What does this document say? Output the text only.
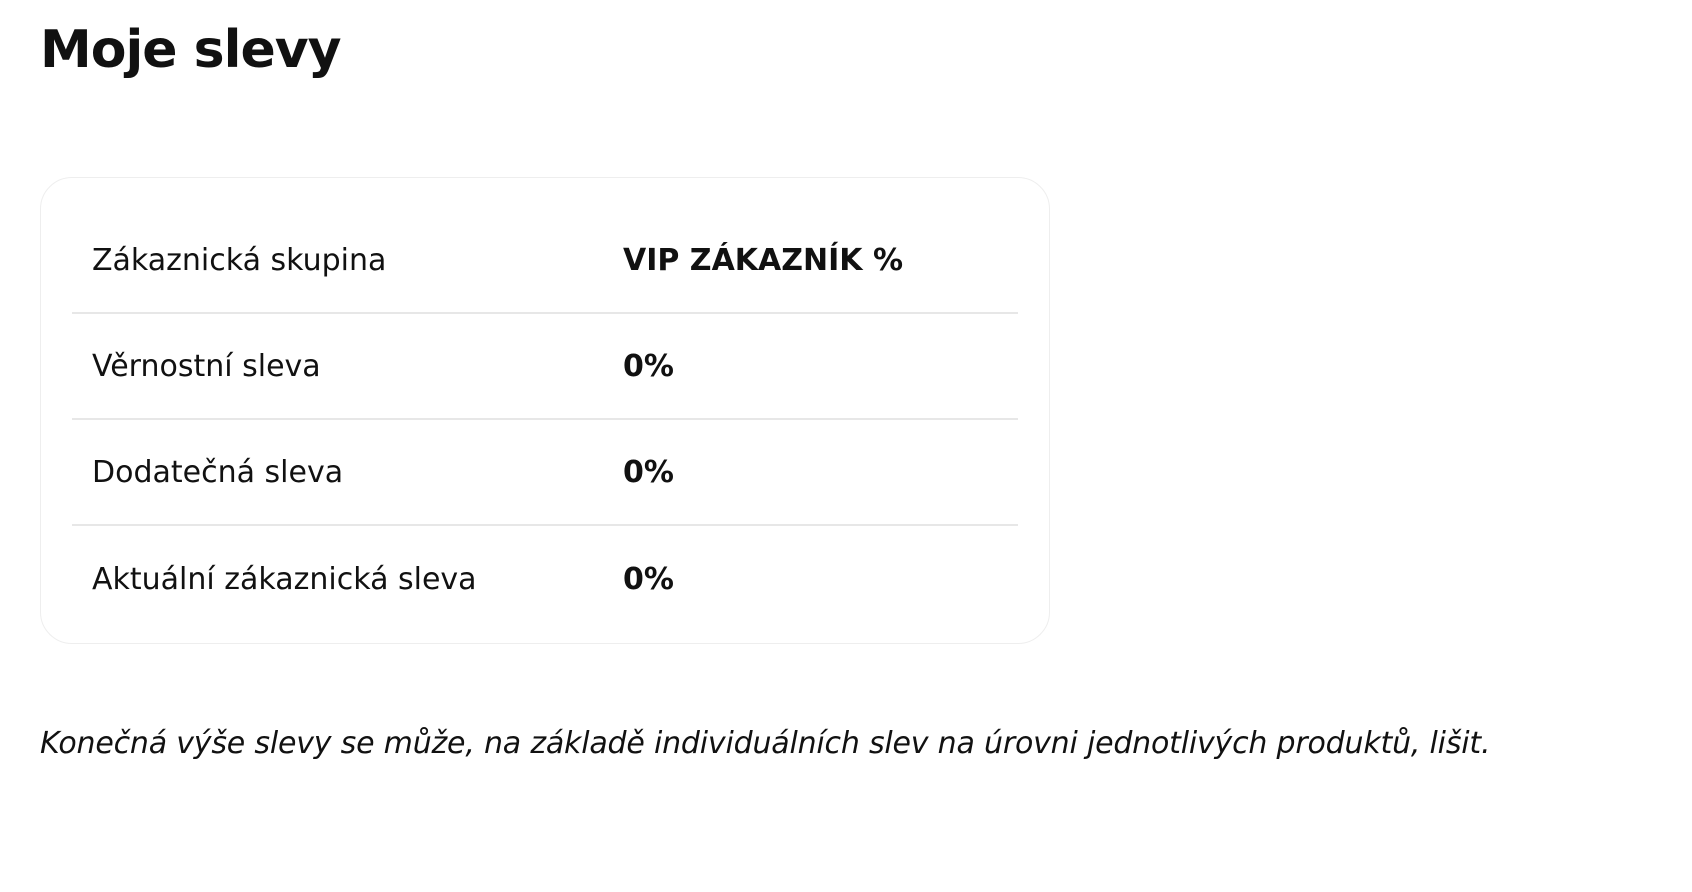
Moje slevy
Zákaznická skupina	VIP ZÁKAZNÍK %
Věrnostní sleva	0%
Dodatečná sleva	0%
Aktuální zákaznická sleva	0%

Konečná výše slevy se může, na základě individuálních slev na úrovni jednotlivých produktů, lišit.
